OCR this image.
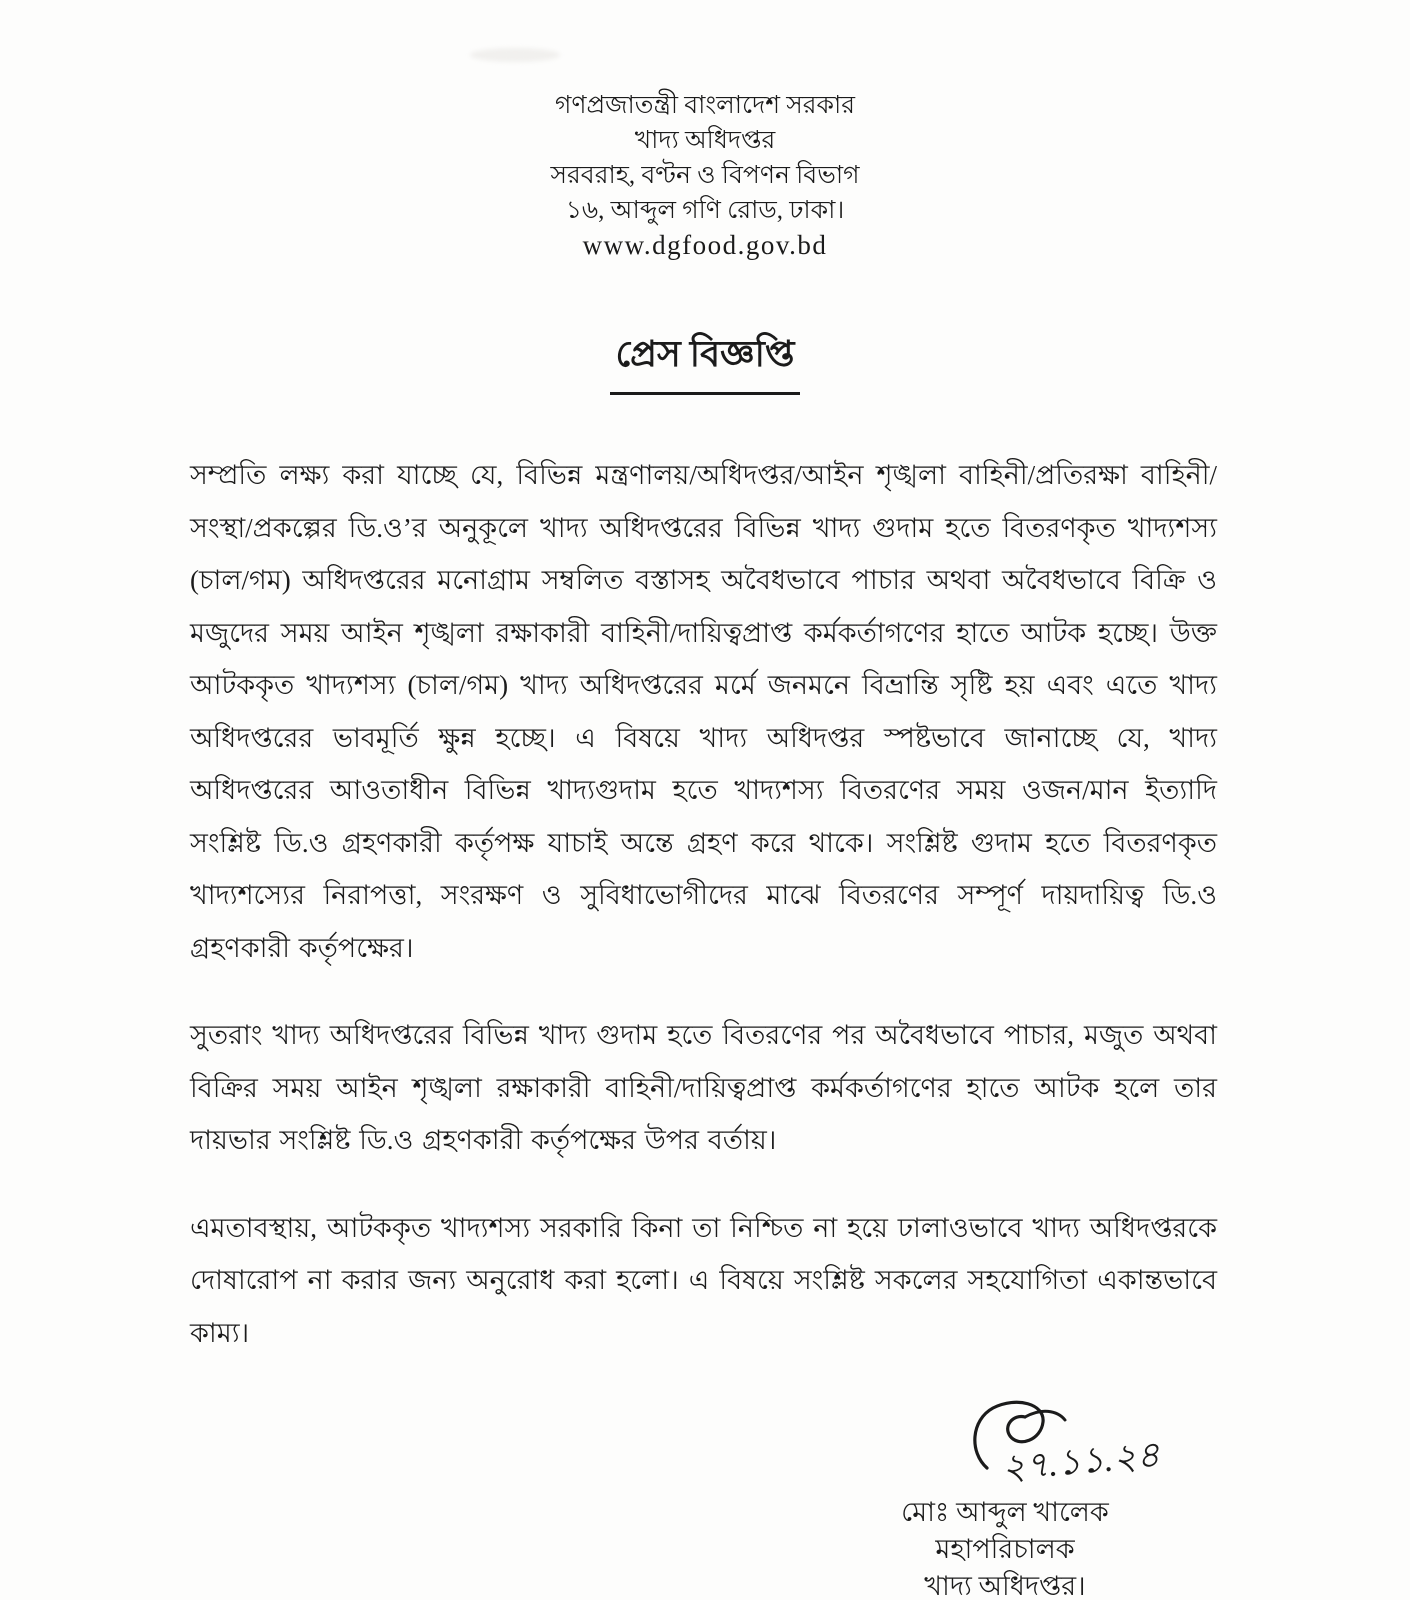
গণপ্রজাতন্ত্রী বাংলাদেশ সরকার
খাদ্য অধিদপ্তর
সরবরাহ, বণ্টন ও বিপণন বিভাগ
১৬, আব্দুল গণি রোড, ঢাকা।
www.dgfood.gov.bd
প্রেস বিজ্ঞপ্তি

সম্প্রতি লক্ষ্য করা যাচ্ছে যে, বিভিন্ন মন্ত্রণালয়/অধিদপ্তর/আইন শৃঙ্খলা বাহিনী/প্রতিরক্ষা বাহিনী/সংস্থা/প্রকল্পের ডি.ও’র অনুকূলে খাদ্য অধিদপ্তরের বিভিন্ন খাদ্য গুদাম হতে বিতরণকৃত খাদ্যশস্য (চাল/গম) অধিদপ্তরের মনোগ্রাম সম্বলিত বস্তাসহ অবৈধভাবে পাচার অথবা অবৈধভাবে বিক্রি ও মজুদের সময় আইন শৃঙ্খলা রক্ষাকারী বাহিনী/দায়িত্বপ্রাপ্ত কর্মকর্তাগণের হাতে আটক হচ্ছে। উক্ত আটককৃত খাদ্যশস্য (চাল/গম) খাদ্য অধিদপ্তরের মর্মে জনমনে বিভ্রান্তি সৃষ্টি হয় এবং এতে খাদ্য অধিদপ্তরের ভাবমূর্তি ক্ষুন্ন হচ্ছে। এ বিষয়ে খাদ্য অধিদপ্তর স্পষ্টভাবে জানাচ্ছে যে, খাদ্য অধিদপ্তরের আওতাধীন বিভিন্ন খাদ্যগুদাম হতে খাদ্যশস্য বিতরণের সময় ওজন/মান ইত্যাদি সংশ্লিষ্ট ডি.ও গ্রহণকারী কর্তৃপক্ষ যাচাই অন্তে গ্রহণ করে থাকে। সংশ্লিষ্ট গুদাম হতে বিতরণকৃত খাদ্যশস্যের নিরাপত্তা, সংরক্ষণ ও সুবিধাভোগীদের মাঝে বিতরণের সম্পূর্ণ দায়দায়িত্ব ডি.ও গ্রহণকারী কর্তৃপক্ষের।

সুতরাং খাদ্য অধিদপ্তরের বিভিন্ন খাদ্য গুদাম হতে বিতরণের পর অবৈধভাবে পাচার, মজুত অথবা বিক্রির সময় আইন শৃঙ্খলা রক্ষাকারী বাহিনী/দায়িত্বপ্রাপ্ত কর্মকর্তাগণের হাতে আটক হলে তার দায়ভার সংশ্লিষ্ট ডি.ও গ্রহণকারী কর্তৃপক্ষের উপর বর্তায়।

এমতাবস্থায়, আটককৃত খাদ্যশস্য সরকারি কিনা তা নিশ্চিত না হয়ে ঢালাওভাবে খাদ্য অধিদপ্তরকে দোষারোপ না করার জন্য অনুরোধ করা হলো। এ বিষয়ে সংশ্লিষ্ট সকলের সহযোগিতা একান্তভাবে কাম্য।

২৭.১১.২৪
মোঃ আব্দুল খালেক
মহাপরিচালক
খাদ্য অধিদপ্তর।
